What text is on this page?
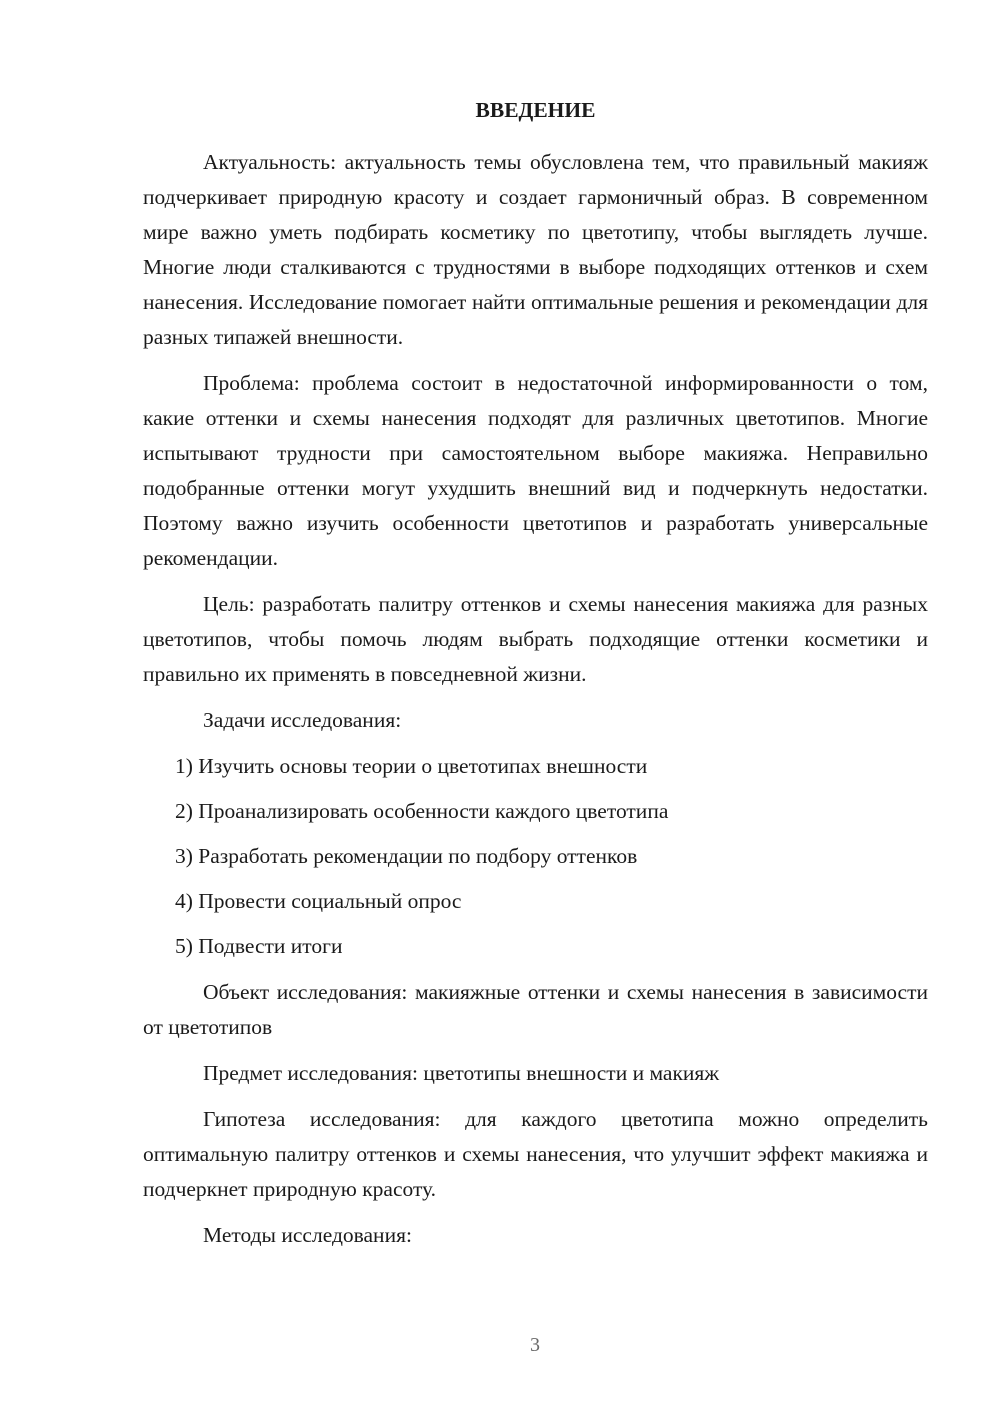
ВВЕДЕНИЕ

Актуальность: актуальность темы обусловлена тем, что правильный макияж подчеркивает природную красоту и создает гармоничный образ. В современном мире важно уметь подбирать косметику по цветотипу, чтобы выглядеть лучше. Многие люди сталкиваются с трудностями в выборе подходящих оттенков и схем нанесения. Исследование помогает найти оптимальные решения и рекомендации для разных типажей внешности.

Проблема: проблема состоит в недостаточной информированности о том, какие оттенки и схемы нанесения подходят для различных цветотипов. Многие испытывают трудности при самостоятельном выборе макияжа. Неправильно подобранные оттенки могут ухудшить внешний вид и подчеркнуть недостатки. Поэтому важно изучить особенности цветотипов и разработать универсальные рекомендации.

Цель: разработать палитру оттенков и схемы нанесения макияжа для разных цветотипов, чтобы помочь людям выбрать подходящие оттенки косметики и правильно их применять в повседневной жизни.

Задачи исследования:

1) Изучить основы теории о цветотипах внешности
2) Проанализировать особенности каждого цветотипа
3) Разработать рекомендации по подбору оттенков
4) Провести социальный опрос
5) Подвести итоги

Объект исследования: макияжные оттенки и схемы нанесения в зависимости от цветотипов

Предмет исследования: цветотипы внешности и макияж

Гипотеза исследования: для каждого цветотипа можно определить оптимальную палитру оттенков и схемы нанесения, что улучшит эффект макияжа и подчеркнет природную красоту.

Методы исследования:

3
